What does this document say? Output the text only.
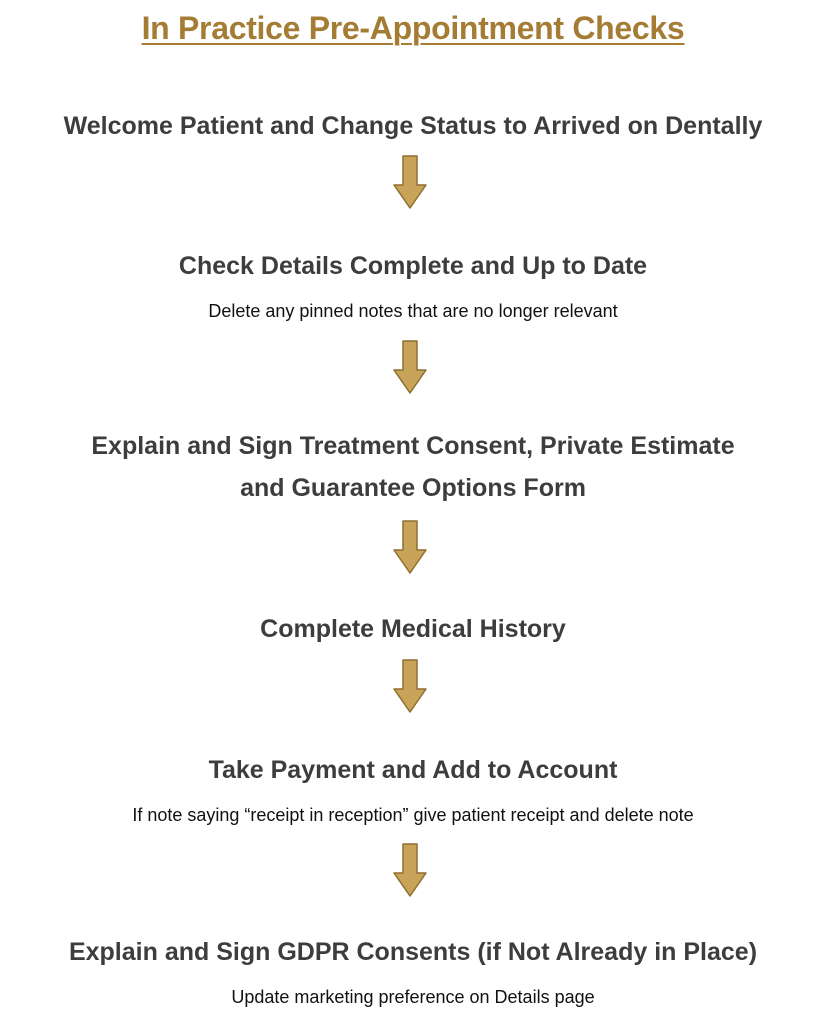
In Practice Pre-Appointment Checks
Welcome Patient and Change Status to Arrived on Dentally
Check Details Complete and Up to Date
Delete any pinned notes that are no longer relevant
Explain and Sign Treatment Consent, Private Estimate
and Guarantee Options Form
Complete Medical History
Take Payment and Add to Account
If note saying “receipt in reception” give patient receipt and delete note
Explain and Sign GDPR Consents (if Not Already in Place)
Update marketing preference on Details page
